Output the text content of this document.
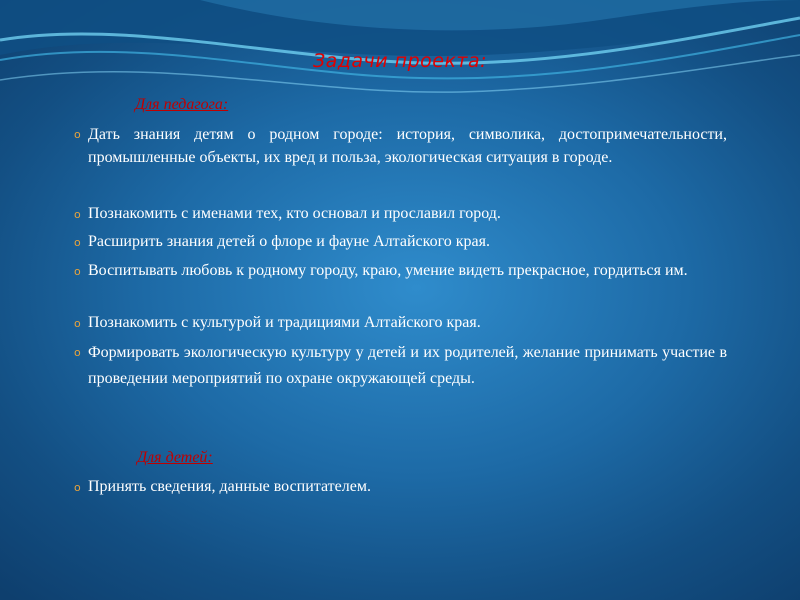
Задачи проекта:
Для педагога:
o Дать знания детям о родном городе: история, символика, достопримечательности, промышленные объекты, их вред и польза, экологическая ситуация в городе.
o Познакомить с именами тех, кто основал и прославил город.
o Расширить знания детей о флоре и фауне Алтайского края.
o Воспитывать любовь к родному городу, краю, умение видеть прекрасное, гордиться им.
o Познакомить с культурой и традициями Алтайского края.
o Формировать экологическую культуру у детей и их родителей, желание принимать участие в проведении мероприятий по охране окружающей среды.
Для детей:
o Принять сведения, данные воспитателем.
